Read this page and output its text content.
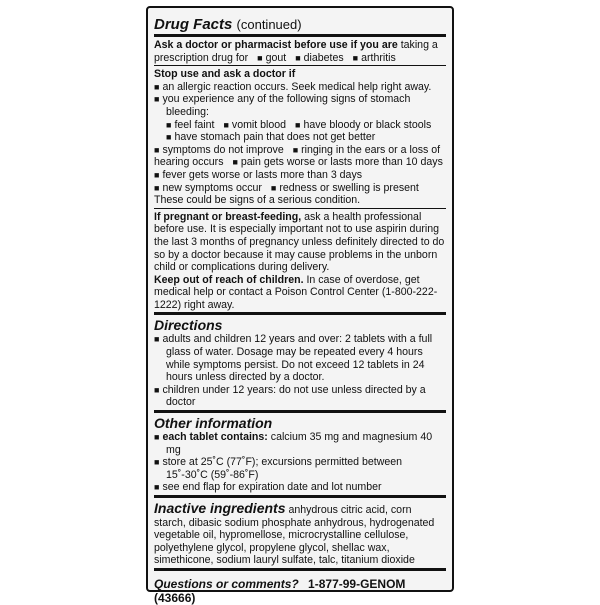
Drug Facts (continued)
Ask a doctor or pharmacist before use if you are taking a prescription drug for ■ gout ■ diabetes ■ arthritis
Stop use and ask a doctor if
■ an allergic reaction occurs. Seek medical help right away.
■ you experience any of the following signs of stomach bleeding:
■ feel faint ■ vomit blood ■ have bloody or black stools
■ have stomach pain that does not get better
■ symptoms do not improve ■ ringing in the ears or a loss of hearing occurs ■ pain gets worse or lasts more than 10 days
■ fever gets worse or lasts more than 3 days ■ new symptoms occur ■ redness or swelling is present
These could be signs of a serious condition.
If pregnant or breast-feeding, ask a health professional before use. It is especially important not to use aspirin during the last 3 months of pregnancy unless definitely directed to do so by a doctor because it may cause problems in the unborn child or complications during delivery.
Keep out of reach of children. In case of overdose, get medical help or contact a Poison Control Center (1-800-222-1222) right away.
Directions
■ adults and children 12 years and over: 2 tablets with a full glass of water. Dosage may be repeated every 4 hours while symptoms persist. Do not exceed 12 tablets in 24 hours unless directed by a doctor.
■ children under 12 years: do not use unless directed by a doctor
Other information
■ each tablet contains: calcium 35 mg and magnesium 40 mg
■ store at 25˚C (77˚F); excursions permitted between 15˚-30˚C (59˚-86˚F)
■ see end flap for expiration date and lot number
Inactive ingredients anhydrous citric acid, corn starch, dibasic sodium phosphate anhydrous, hydrogenated vegetable oil, hypromellose, microcrystalline cellulose, polyethylene glycol, propylene glycol, shellac wax, simethicone, sodium lauryl sulfate, talc, titanium dioxide
Questions or comments? 1-877-99-GENOM (43666)
